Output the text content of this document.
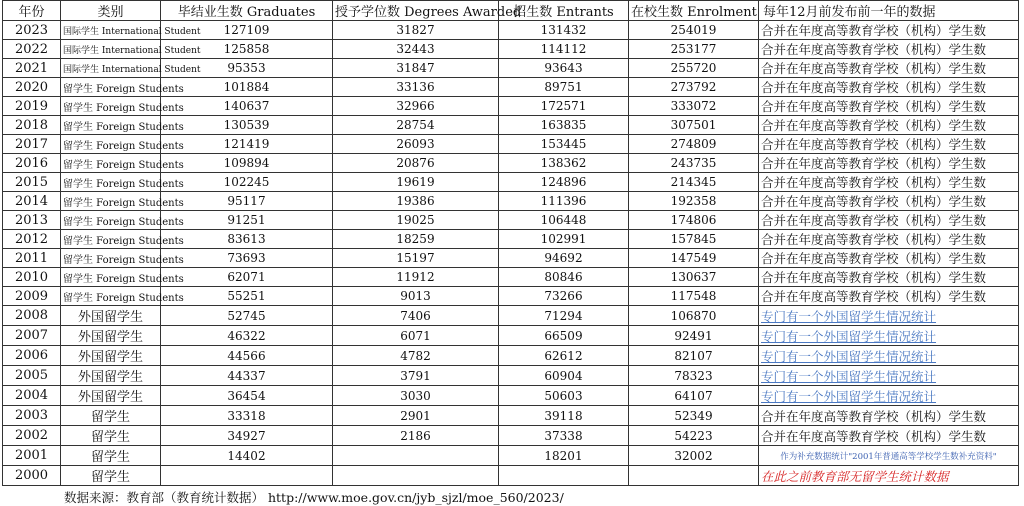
年份	类别	毕结业生数 Graduates	授予学位数 Degrees Awarded	招生数 Entrants	在校生数 Enrolment	每年12月前发布前一年的数据
2023	国际学生 International Student	127109	31827	131432	254019	合并在年度高等教育学校（机构）学生数
2022	国际学生 International Student	125858	32443	114112	253177	合并在年度高等教育学校（机构）学生数
2021	国际学生 International Student	95353	31847	93643	255720	合并在年度高等教育学校（机构）学生数
2020	留学生 Foreign Students	101884	33136	89751	273792	合并在年度高等教育学校（机构）学生数
2019	留学生 Foreign Students	140637	32966	172571	333072	合并在年度高等教育学校（机构）学生数
2018	留学生 Foreign Students	130539	28754	163835	307501	合并在年度高等教育学校（机构）学生数
2017	留学生 Foreign Students	121419	26093	153445	274809	合并在年度高等教育学校（机构）学生数
2016	留学生 Foreign Students	109894	20876	138362	243735	合并在年度高等教育学校（机构）学生数
2015	留学生 Foreign Students	102245	19619	124896	214345	合并在年度高等教育学校（机构）学生数
2014	留学生 Foreign Students	95117	19386	111396	192358	合并在年度高等教育学校（机构）学生数
2013	留学生 Foreign Students	91251	19025	106448	174806	合并在年度高等教育学校（机构）学生数
2012	留学生 Foreign Students	83613	18259	102991	157845	合并在年度高等教育学校（机构）学生数
2011	留学生 Foreign Students	73693	15197	94692	147549	合并在年度高等教育学校（机构）学生数
2010	留学生 Foreign Students	62071	11912	80846	130637	合并在年度高等教育学校（机构）学生数
2009	留学生 Foreign Students	55251	9013	73266	117548	合并在年度高等教育学校（机构）学生数
2008	外国留学生	52745	7406	71294	106870	专门有一个外国留学生情况统计
2007	外国留学生	46322	6071	66509	92491	专门有一个外国留学生情况统计
2006	外国留学生	44566	4782	62612	82107	专门有一个外国留学生情况统计
2005	外国留学生	44337	3791	60904	78323	专门有一个外国留学生情况统计
2004	外国留学生	36454	3030	50603	64107	专门有一个外国留学生情况统计
2003	留学生	33318	2901	39118	52349	合并在年度高等教育学校（机构）学生数
2002	留学生	34927	2186	37338	54223	合并在年度高等教育学校（机构）学生数
2001	留学生	14402		18201	32002	作为补充数据统计"2001年普通高等学校学生数补充资料"
2000	留学生					在此之前教育部无留学生统计数据
数据来源：教育部（教育统计数据） http://www.moe.gov.cn/jyb_sjzl/moe_560/2023/
